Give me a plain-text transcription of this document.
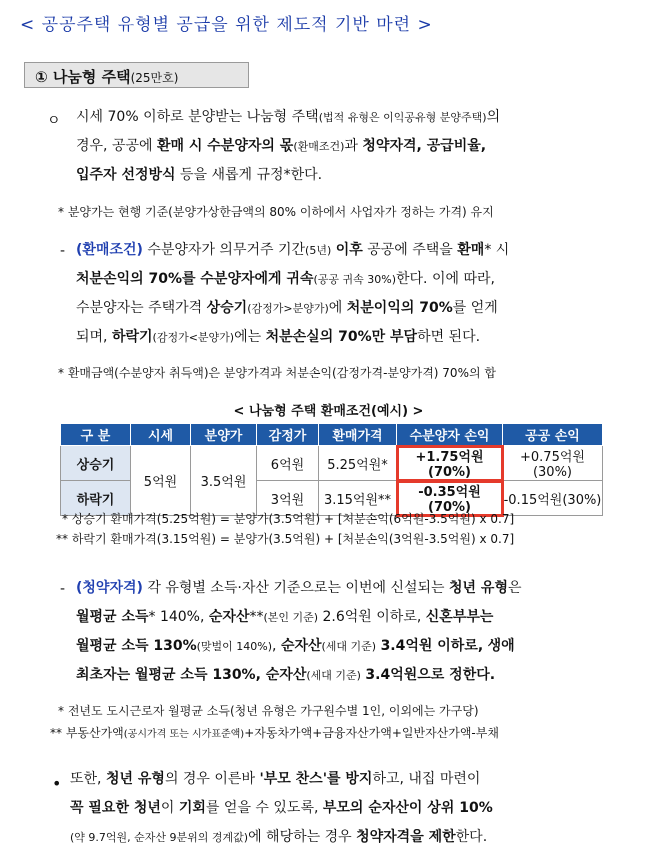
< 공공주택 유형별 공급을 위한 제도적 기반 마련 >
① 나눔형 주택(25만호)
ㅇ 시세 70% 이하로 분양받는 나눔형 주택(법적 유형은 이익공유형 분양주택)의
경우, 공공에 환매 시 수분양자의 몫(환매조건)과 청약자격, 공급비율,
입주자 선정방식 등을 새롭게 규정*한다.
* 분양가는 현행 기준(분양가상한금액의 80% 이하에서 사업자가 정하는 가격) 유지
- (환매조건) 수분양자가 의무거주 기간(5년) 이후 공공에 주택을 환매* 시
처분손익의 70%를 수분양자에게 귀속(공공 귀속 30%)한다. 이에 따라,
수분양자는 주택가격 상승기(감정가>분양가)에 처분이익의 70%를 얻게
되며, 하락기(감정가<분양가)에는 처분손실의 70%만 부담하면 된다.
* 환매금액(수분양자 취득액)은 분양가격과 처분손익(감정가격-분양가격) 70%의 합
< 나눔형 주택 환매조건(예시) >
구 분	시세	분양가	감정가	환매가격	수분양자 손익	공공 손익
상승기	5억원	3.5억원	6억원	5.25억원*	+1.75억원(70%)	+0.75억원(30%)
하락기			3억원	3.15억원**	-0.35억원(70%)	-0.15억원(30%)
* 상승기 환매가격(5.25억원) = 분양가(3.5억원) + [처분손익(6억원-3.5억원) x 0.7]
** 하락기 환매가격(3.15억원) = 분양가(3.5억원) + [처분손익(3억원-3.5억원) x 0.7]
- (청약자격) 각 유형별 소득·자산 기준으로는 이번에 신설되는 청년 유형은
월평균 소득* 140%, 순자산**(본인 기준) 2.6억원 이하로, 신혼부부는
월평균 소득 130%(맞벌이 140%), 순자산(세대 기준) 3.4억원 이하로, 생애
최초자는 월평균 소득 130%, 순자산(세대 기준) 3.4억원으로 정한다.
* 전년도 도시근로자 월평균 소득(청년 유형은 가구원수별 1인, 이외에는 가구당)
** 부동산가액(공시가격 또는 시가표준액)+자동차가액+금융자산가액+일반자산가액-부채
• 또한, 청년 유형의 경우 이른바 '부모 찬스'를 방지하고, 내집 마련이
꼭 필요한 청년이 기회를 얻을 수 있도록, 부모의 순자산이 상위 10%
(약 9.7억원, 순자산 9분위의 경계값)에 해당하는 경우 청약자격을 제한한다.
